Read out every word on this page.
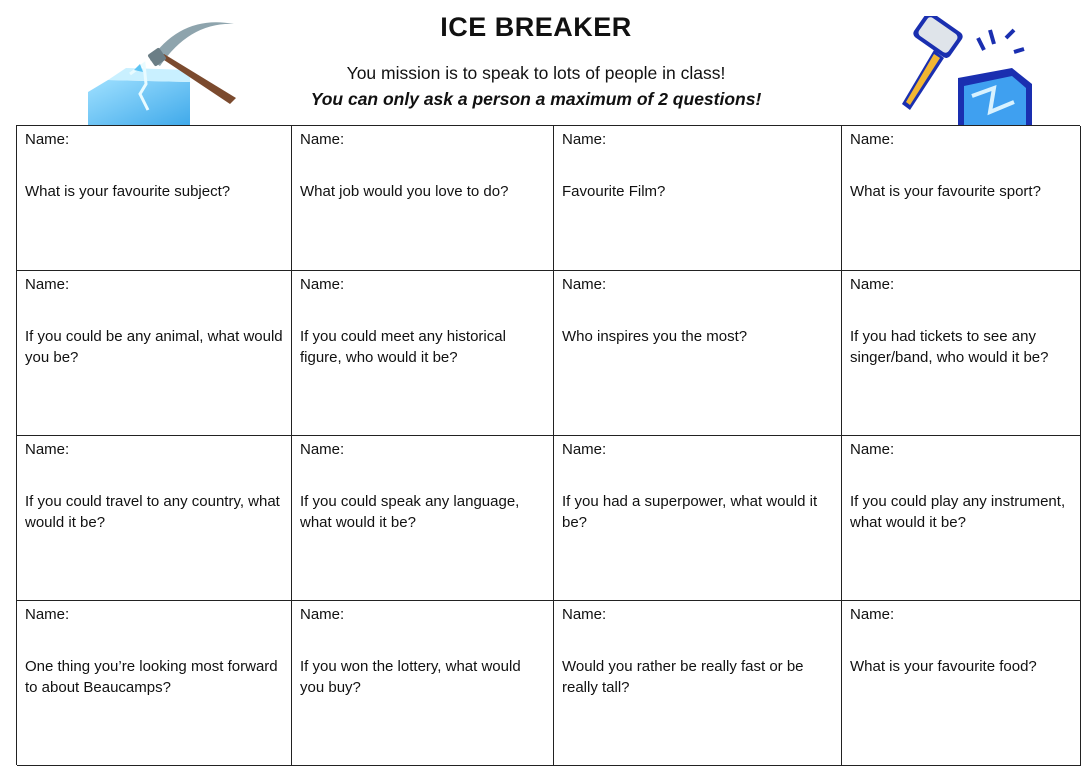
ICE BREAKER
You mission is to speak to lots of people in class!
You can only ask a person a maximum of 2 questions!
Name:
What is your favourite subject?
Name:
What job would you love to do?
Name:
Favourite Film?
Name:
What is your favourite sport?
Name:
If you could be any animal, what would you be?
Name:
If you could meet any historical figure, who would it be?
Name:
Who inspires you the most?
Name:
If you had tickets to see any singer/band, who would it be?
Name:
If you could travel to any country, what would it be?
Name:
If you could speak any language, what would it be?
Name:
If you had a superpower, what would it be?
Name:
If you could play any instrument, what would it be?
Name:
One thing you’re looking most forward to about Beaucamps?
Name:
If you won the lottery, what would you buy?
Name:
Would you rather be really fast or be really tall?
Name:
What is your favourite food?
